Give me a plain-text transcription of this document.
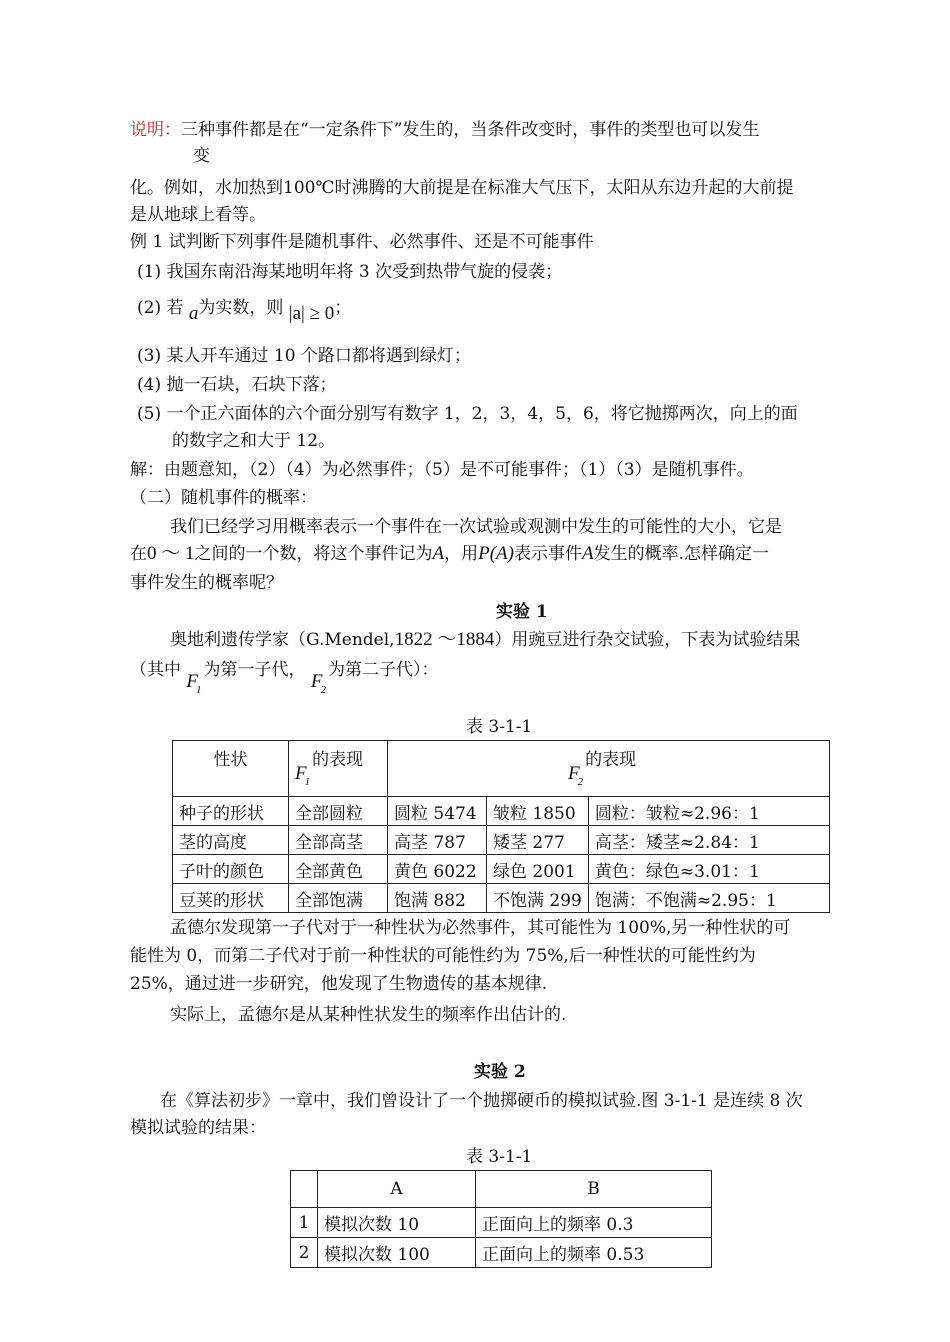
说明：三种事件都是在“一定条件下”发生的，当条件改变时，事件的类型也可以发生
变
化。例如，水加热到100℃时沸腾的大前提是在标准大气压下，太阳从东边升起的大前提
是从地球上看等。
例 1 试判断下列事件是随机事件、必然事件、还是不可能事件
(1) 我国东南沿海某地明年将 3 次受到热带气旋的侵袭；
(2) 若 a为实数，则 |a| ≥ 0；
(3) 某人开车通过 10 个路口都将遇到绿灯；
(4) 抛一石块，石块下落；
(5) 一个正六面体的六个面分别写有数字 1，2，3，4，5，6，将它抛掷两次，向上的面
的数字之和大于 12。
解：由题意知，（2）（4）为必然事件；（5）是不可能事件；（1）（3）是随机事件。
（二）随机事件的概率：
我们已经学习用概率表示一个事件在一次试验或观测中发生的可能性的大小，它是
在0 ～ 1之间的一个数，将这个事件记为A，用P(A)表示事件A发生的概率.怎样确定一
事件发生的概率呢？
实验 1
奥地利遗传学家（G.Mendel,1822 ～1884）用豌豆进行杂交试验，下表为试验结果
（其中 $F_1$为第一子代， $F_2$为第二子代）：
表 3-1-1
性状	$F_1$的表现	$F_2$的表现		
种子的形状	全部圆粒	圆粒 5474	皱粒 1850	圆粒：皱粒≈2.96：1
茎的高度	全部高茎	高茎 787	矮茎 277	高茎：矮茎≈2.84：1
子叶的颜色	全部黄色	黄色 6022	绿色 2001	黄色：绿色≈3.01：1
豆荚的形状	全部饱满	饱满 882	不饱满 299	饱满：不饱满≈2.95：1
孟德尔发现第一子代对于一种性状为必然事件，其可能性为 100%,另一种性状的可
能性为 0，而第二子代对于前一种性状的可能性约为 75%,后一种性状的可能性约为
25%，通过进一步研究，他发现了生物遗传的基本规律.
实际上，孟德尔是从某种性状发生的频率作出估计的.
实验 2
在《算法初步》一章中，我们曾设计了一个抛掷硬币的模拟试验.图 3-1-1 是连续 8 次
模拟试验的结果：
表 3-1-1
	A	B
1	模拟次数 10	正面向上的频率 0.3
2	模拟次数 100	正面向上的频率 0.53
